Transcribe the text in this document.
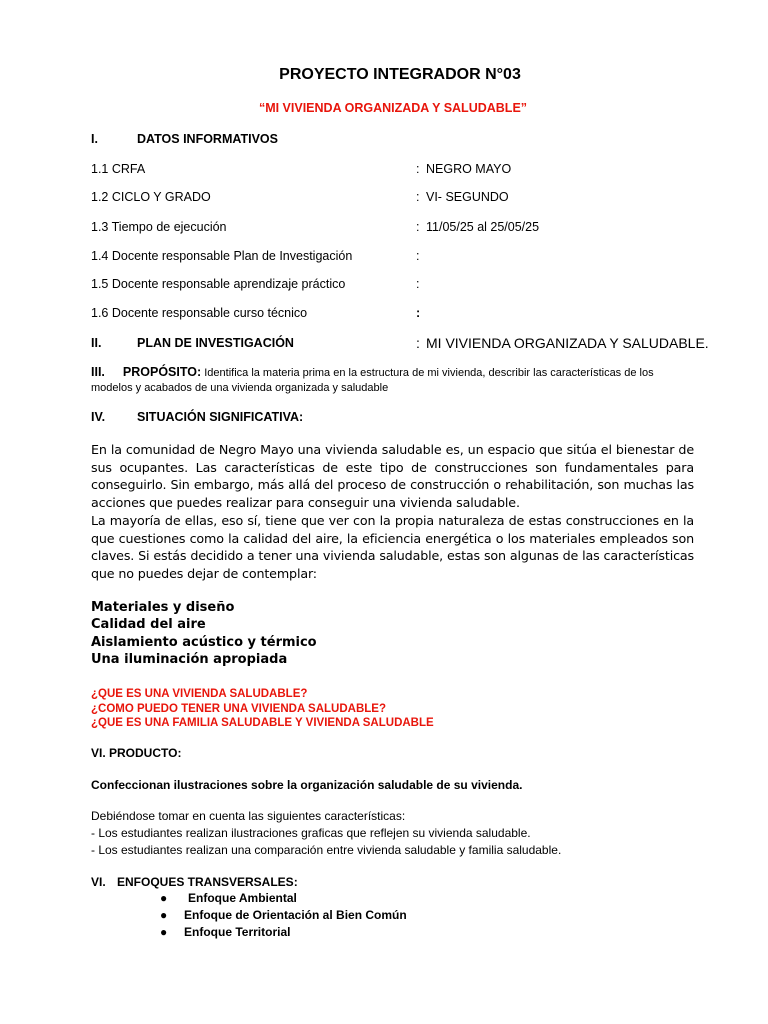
PROYECTO INTEGRADOR N°03
“MI VIVIENDA ORGANIZADA Y SALUDABLE”
I.	DATOS INFORMATIVOS
1.1 CRFA	: NEGRO MAYO
1.2 CICLO Y GRADO	: VI- SEGUNDO
1.3 Tiempo de ejecución	: 11/05/25 al 25/05/25
1.4 Docente responsable Plan de Investigación	:
1.5 Docente responsable aprendizaje práctico	:
1.6 Docente responsable curso técnico	:
II.	PLAN DE INVESTIGACIÓN	: MI VIVIENDA ORGANIZADA Y SALUDABLE.
III. PROPÓSITO: Identifica la materia prima en la estructura de mi vivienda, describir las características de los modelos y acabados de una vivienda organizada y saludable
IV.	SITUACIÓN SIGNIFICATIVA:
En la comunidad de Negro Mayo una vivienda saludable es, un espacio que sitúa el bienestar de sus ocupantes. Las características de este tipo de construcciones son fundamentales para conseguirlo. Sin embargo, más allá del proceso de construcción o rehabilitación, son muchas las acciones que puedes realizar para conseguir una vivienda saludable.
La mayoría de ellas, eso sí, tiene que ver con la propia naturaleza de estas construcciones en la que cuestiones como la calidad del aire, la eficiencia energética o los materiales empleados son claves. Si estás decidido a tener una vivienda saludable, estas son algunas de las características que no puedes dejar de contemplar:
Materiales y diseño
Calidad del aire
Aislamiento acústico y térmico
Una iluminación apropiada
¿QUE ES UNA VIVIENDA SALUDABLE?
¿COMO PUEDO TENER UNA VIVIENDA SALUDABLE?
¿QUE ES UNA FAMILIA SALUDABLE Y VIVIENDA SALUDABLE
VI. PRODUCTO:
Confeccionan ilustraciones sobre la organización saludable de su vivienda.
Debiéndose tomar en cuenta las siguientes características:
- Los estudiantes realizan ilustraciones graficas que reflejen su vivienda saludable.
- Los estudiantes realizan una comparación entre vivienda saludable y familia saludable.
VI. ENFOQUES TRANSVERSALES:
● Enfoque Ambiental
● Enfoque de Orientación al Bien Común
● Enfoque Territorial
